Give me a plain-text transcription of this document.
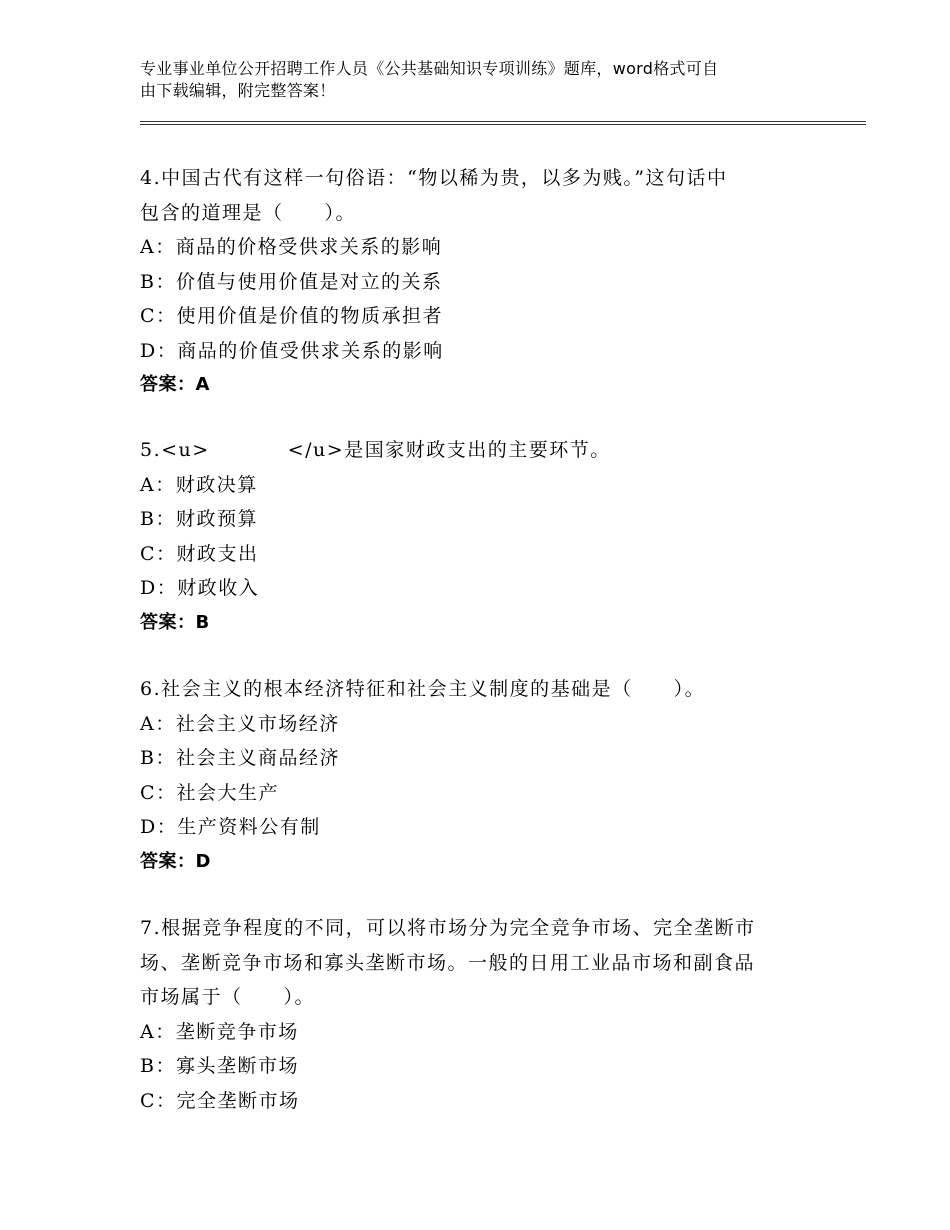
专业事业单位公开招聘工作人员《公共基础知识专项训练》题库，word格式可自
由下载编辑，附完整答案！
4.中国古代有这样一句俗语：“物以稀为贵，以多为贱。”这句话中
包含的道理是（　　）。
A：商品的价格受供求关系的影响
B：价值与使用价值是对立的关系
C：使用价值是价值的物质承担者
D：商品的价值受供求关系的影响
答案：A
5.<u>	</u>是国家财政支出的主要环节。
A：财政决算
B：财政预算
C：财政支出
D：财政收入
答案：B
6.社会主义的根本经济特征和社会主义制度的基础是（　　）。
A：社会主义市场经济
B：社会主义商品经济
C：社会大生产
D：生产资料公有制
答案：D
7.根据竞争程度的不同，可以将市场分为完全竞争市场、完全垄断市
场、垄断竞争市场和寡头垄断市场。一般的日用工业品市场和副食品
市场属于（　　）。
A：垄断竞争市场
B：寡头垄断市场
C：完全垄断市场
